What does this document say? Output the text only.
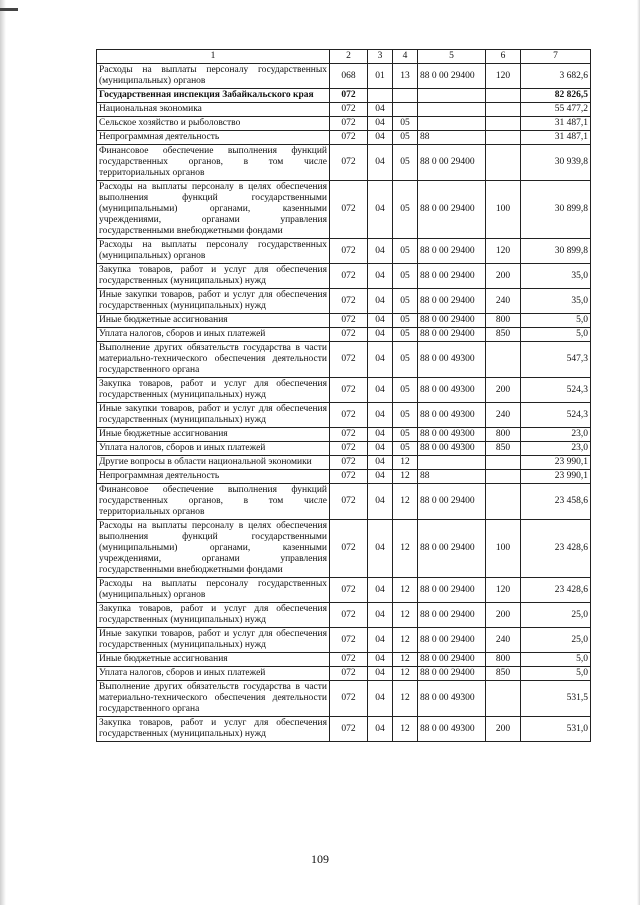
1	2	3	4	5	6	7
Расходы на выплаты персоналу государственных (муниципальных) органов	068	01	13	88 0 00 29400	120	3 682,6
Государственная инспекция Забайкальского края	072					82 826,5
Национальная экономика	072	04				55 477,2
Сельское хозяйство и рыболовство	072	04	05			31 487,1
Непрограммная деятельность	072	04	05	88		31 487,1
Финансовое обеспечение выполнения функций государственных органов, в том числе территориальных органов	072	04	05	88 0 00 29400		30 939,8
Расходы на выплаты персоналу в целях обеспечения выполнения функций государственными (муниципальными) органами, казенными учреждениями, органами управления государственными внебюджетными фондами	072	04	05	88 0 00 29400	100	30 899,8
Расходы на выплаты персоналу государственных (муниципальных) органов	072	04	05	88 0 00 29400	120	30 899,8
Закупка товаров, работ и услуг для обеспечения государственных (муниципальных) нужд	072	04	05	88 0 00 29400	200	35,0
Иные закупки товаров, работ и услуг для обеспечения государственных (муниципальных) нужд	072	04	05	88 0 00 29400	240	35,0
Иные бюджетные ассигнования	072	04	05	88 0 00 29400	800	5,0
Уплата налогов, сборов и иных платежей	072	04	05	88 0 00 29400	850	5,0
Выполнение других обязательств государства в части материально-технического обеспечения деятельности государственного органа	072	04	05	88 0 00 49300		547,3
Закупка товаров, работ и услуг для обеспечения государственных (муниципальных) нужд	072	04	05	88 0 00 49300	200	524,3
Иные закупки товаров, работ и услуг для обеспечения государственных (муниципальных) нужд	072	04	05	88 0 00 49300	240	524,3
Иные бюджетные ассигнования	072	04	05	88 0 00 49300	800	23,0
Уплата налогов, сборов и иных платежей	072	04	05	88 0 00 49300	850	23,0
Другие вопросы в области национальной экономики	072	04	12			23 990,1
Непрограммная деятельность	072	04	12	88		23 990,1
Финансовое обеспечение выполнения функций государственных органов, в том числе территориальных органов	072	04	12	88 0 00 29400		23 458,6
Расходы на выплаты персоналу в целях обеспечения выполнения функций государственными (муниципальными) органами, казенными учреждениями, органами управления государственными внебюджетными фондами	072	04	12	88 0 00 29400	100	23 428,6
Расходы на выплаты персоналу государственных (муниципальных) органов	072	04	12	88 0 00 29400	120	23 428,6
Закупка товаров, работ и услуг для обеспечения государственных (муниципальных) нужд	072	04	12	88 0 00 29400	200	25,0
Иные закупки товаров, работ и услуг для обеспечения государственных (муниципальных) нужд	072	04	12	88 0 00 29400	240	25,0
Иные бюджетные ассигнования	072	04	12	88 0 00 29400	800	5,0
Уплата налогов, сборов и иных платежей	072	04	12	88 0 00 29400	850	5,0
Выполнение других обязательств государства в части материально-технического обеспечения деятельности государственного органа	072	04	12	88 0 00 49300		531,5
Закупка товаров, работ и услуг для обеспечения государственных (муниципальных) нужд	072	04	12	88 0 00 49300	200	531,0
109
